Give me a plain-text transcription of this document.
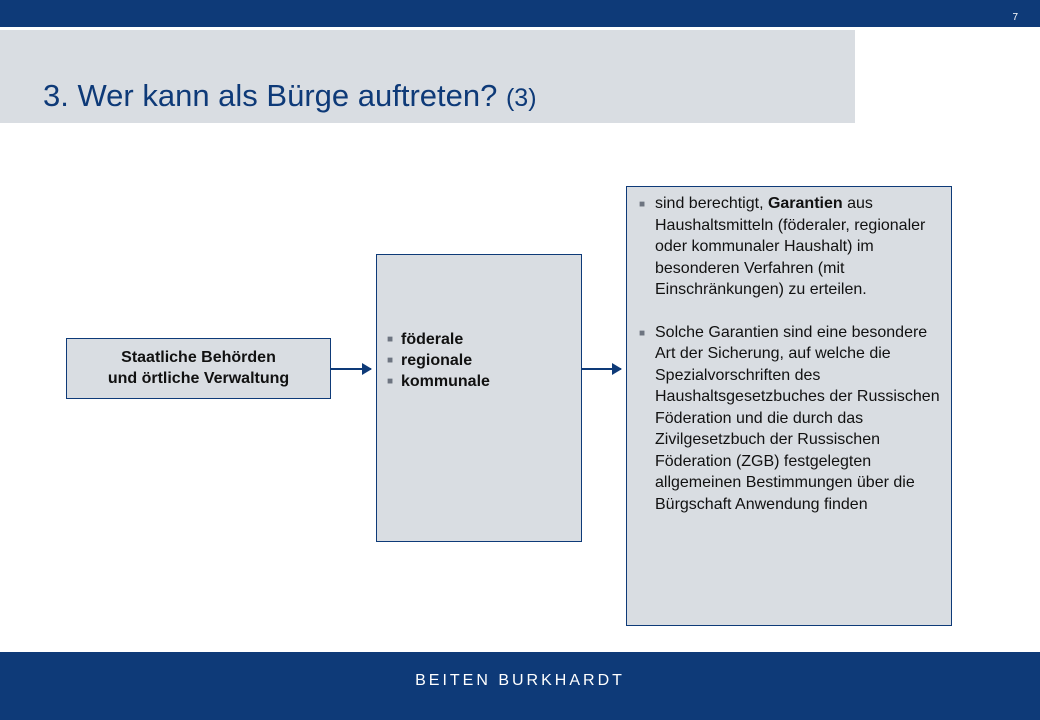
7
3. Wer kann als Bürge auftreten? (3)
Staatliche Behörden
und örtliche Verwaltung
■ föderale
■ regionale
■ kommunale
■ sind berechtigt, Garantien aus Haushaltsmitteln (föderaler, regionaler oder kommunaler Haushalt) im besonderen Verfahren (mit Einschränkungen) zu erteilen.
■ Solche Garantien sind eine besondere Art der Sicherung, auf welche die Spezialvorschriften des Haushaltsgesetzbuches der Russischen Föderation und die durch das Zivilgesetzbuch der Russischen Föderation (ZGB) festgelegten allgemeinen Bestimmungen über die Bürgschaft Anwendung finden
BEITEN BURKHARDT
